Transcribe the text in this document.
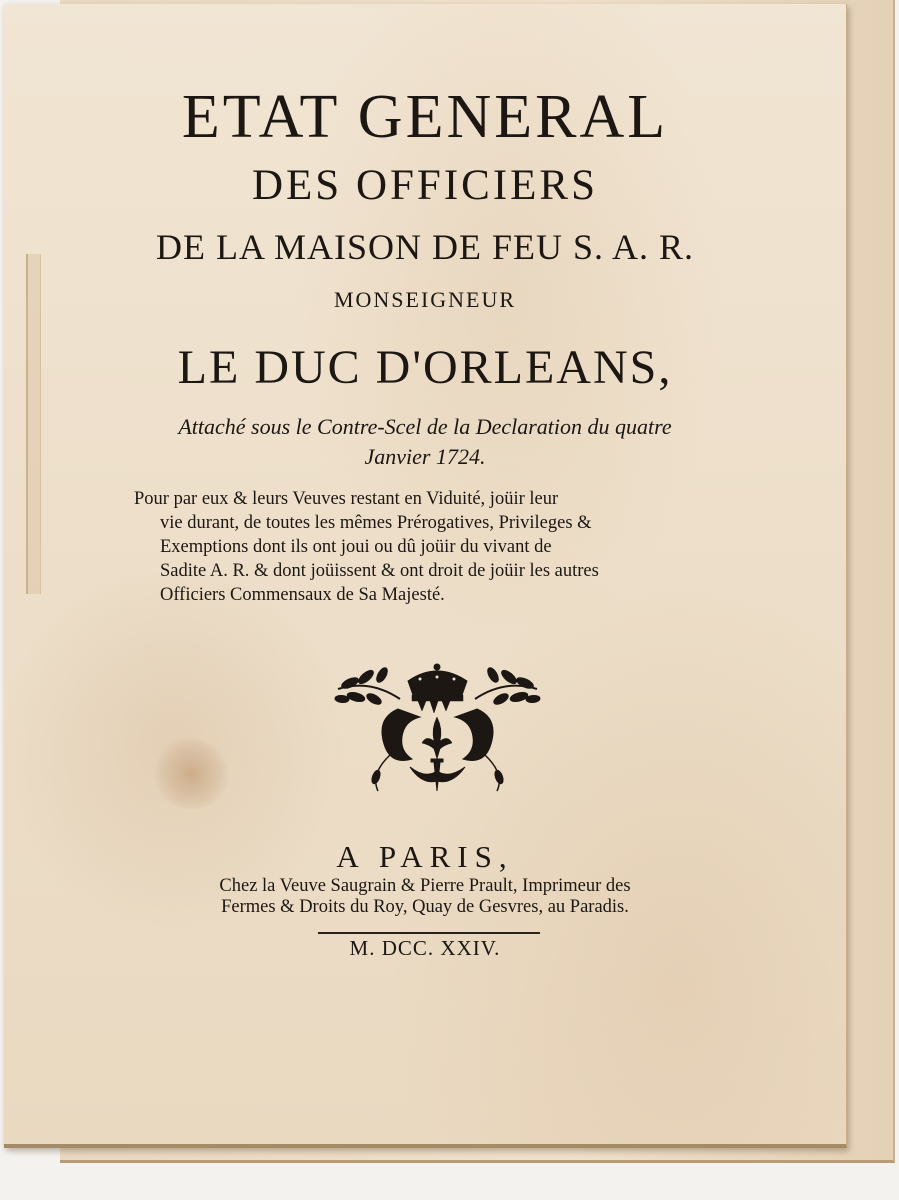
ETAT GENERAL

DES OFFICIERS

DE LA MAISON DE FEU S. A. R.

MONSEIGNEUR

LE DUC D'ORLEANS,

Attaché sous le Contre-Scel de la Declaration du quatre

Janvier 1724.

Pour par eux & leurs Veuves restant en Viduité, joüir leur
vie durant, de toutes les mêmes Prérogatives, Privileges &
Exemptions dont ils ont joui ou dû joüir du vivant de
Sadite A. R. & dont joüissent & ont droit de joüir les autres
Officiers Commensaux de Sa Majesté.

A PARIS,

Chez la Veuve Saugrain & Pierre Prault, Imprimeur des

Fermes & Droits du Roy, Quay de Gesvres, au Paradis.

M. DCC. XXIV.
